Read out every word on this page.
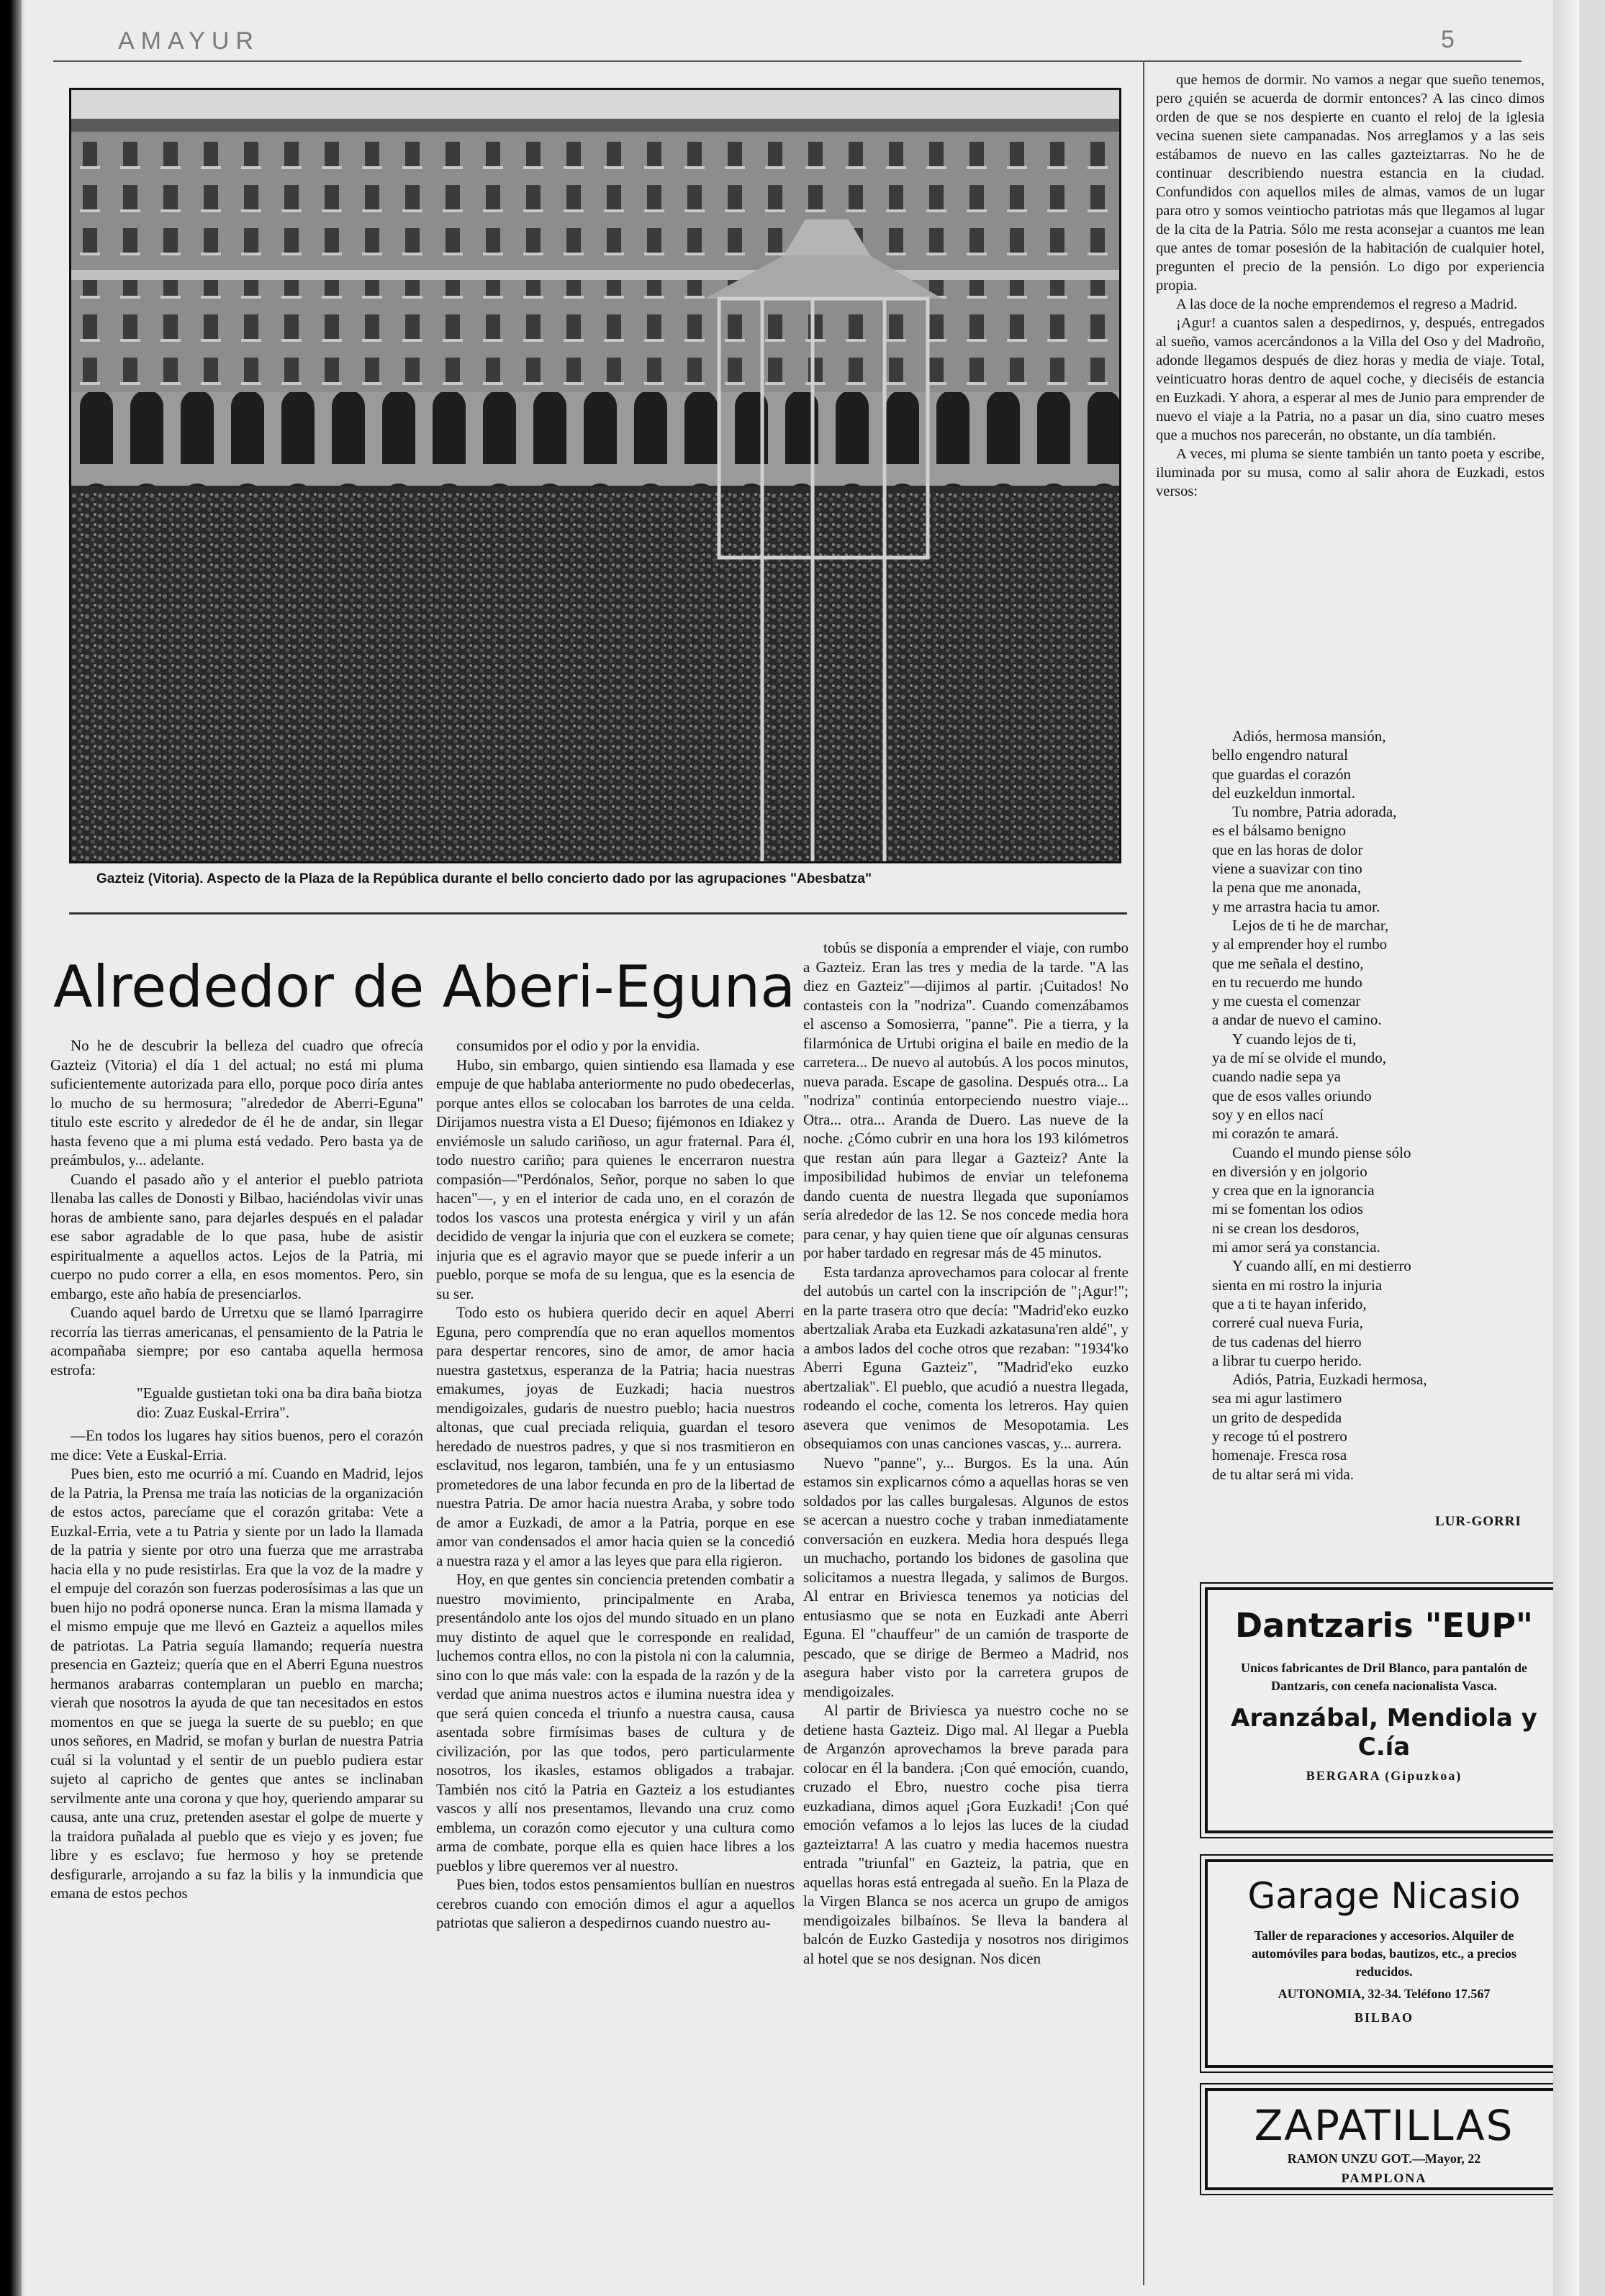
AMAYUR	5
Gazteiz (Vitoria). Aspecto de la Plaza de la República durante el bello concierto dado por las agrupaciones "Abesbatza"
Alrededor de Aberi-Eguna

No he de descubrir la belleza del cuadro que ofrecía Gazteiz (Vitoria) el día 1 del actual; no está mi pluma suficientemente autorizada para ello, porque poco diría antes lo mucho de su hermosura; "alrededor de Aberri-Eguna" titulo este escrito y alrededor de él he de andar, sin llegar hasta feveno que a mi pluma está vedado. Pero basta ya de preámbulos, y... adelante.

Cuando el pasado año y el anterior el pueblo patriota llenaba las calles de Donosti y Bilbao, haciéndolas vivir unas horas de ambiente sano, para dejarles después en el paladar ese sabor agradable de lo que pasa, hube de asistir espiritualmente a aquellos actos. Lejos de la Patria, mi cuerpo no pudo correr a ella, en esos momentos. Pero, sin embargo, este año había de presenciarlos.

Cuando aquel bardo de Urretxu que se llamó Iparragirre recorría las tierras americanas, el pensamiento de la Patria le acompañaba siempre; por eso cantaba aquella hermosa estrofa:

"Egualde gustietan toki ona ba dira baña biotza dio: Zuaz Euskal-Errira".

—En todos los lugares hay sitios buenos, pero el corazón me dice: Vete a Euskal-Erria.

Pues bien, esto me ocurrió a mí. Cuando en Madrid, lejos de la Patria, la Prensa me traía las noticias de la organización de estos actos, parecíame que el corazón gritaba: Vete a Euzkal-Erria, vete a tu Patria y siente por un lado la llamada de la patria y siente por otro una fuerza que me arrastraba hacia ella y no pude resistirlas. Era que la voz de la madre y el empuje del corazón son fuerzas poderosísimas a las que un buen hijo no podrá oponerse nunca. Eran la misma llamada y el mismo empuje que me llevó en Gazteiz a aquellos miles de patriotas. La Patria seguía llamando; requería nuestra presencia en Gazteiz; quería que en el Aberri Eguna nuestros hermanos arabarras contemplaran un pueblo en marcha; vierah que nosotros la ayuda de que tan necesitados en estos momentos en que se juega la suerte de su pueblo; en que unos señores, en Madrid, se mofan y burlan de nuestra Patria cuál si la voluntad y el sentir de un pueblo pudiera estar sujeto al capricho de gentes que antes se inclinaban servilmente ante una corona y que hoy, queriendo amparar su causa, ante una cruz, pretenden asestar el golpe de muerte y la traidora puñalada al pueblo que es viejo y es joven; fue libre y es esclavo; fue hermoso y hoy se pretende desfigurarle, arrojando a su faz la bilis y la inmundicia que emana de estos pechos

consumidos por el odio y por la envidia.

Hubo, sin embargo, quien sintiendo esa llamada y ese empuje de que hablaba anteriormente no pudo obedecerlas, porque antes ellos se colocaban los barrotes de una celda. Dirijamos nuestra vista a El Dueso; fijémonos en Idiakez y enviémosle un saludo cariñoso, un agur fraternal. Para él, todo nuestro cariño; para quienes le encerraron nuestra compasión—"Perdónalos, Señor, porque no saben lo que hacen"—, y en el interior de cada uno, en el corazón de todos los vascos una protesta enérgica y viril y un afán decidido de vengar la injuria que con el euzkera se comete; injuria que es el agravio mayor que se puede inferir a un pueblo, porque se mofa de su lengua, que es la esencia de su ser.

Todo esto os hubiera querido decir en aquel Aberri Eguna, pero comprendía que no eran aquellos momentos para despertar rencores, sino de amor, de amor hacia nuestra gastetxus, esperanza de la Patria; hacia nuestras emakumes, joyas de Euzkadi; hacia nuestros mendigoizales, gudaris de nuestro pueblo; hacia nuestros altonas, que cual preciada reliquia, guardan el tesoro heredado de nuestros padres, y que si nos trasmitieron en esclavitud, nos legaron, también, una fe y un entusiasmo prometedores de una labor fecunda en pro de la libertad de nuestra Patria. De amor hacia nuestra Araba, y sobre todo de amor a Euzkadi, de amor a la Patria, porque en ese amor van condensados el amor hacia quien se la concedió a nuestra raza y el amor a las leyes que para ella rigieron.

Hoy, en que gentes sin conciencia pretenden combatir a nuestro movimiento, principalmente en Araba, presentándolo ante los ojos del mundo situado en un plano muy distinto de aquel que le corresponde en realidad, luchemos contra ellos, no con la pistola ni con la calumnia, sino con lo que más vale: con la espada de la razón y de la verdad que anima nuestros actos e ilumina nuestra idea y que será quien conceda el triunfo a nuestra causa, causa asentada sobre firmísimas bases de cultura y de civilización, por las que todos, pero particularmente nosotros, los ikasles, estamos obligados a trabajar. También nos citó la Patria en Gazteiz a los estudiantes vascos y allí nos presentamos, llevando una cruz como emblema, un corazón como ejecutor y una cultura como arma de combate, porque ella es quien hace libres a los pueblos y libre queremos ver al nuestro.

Pues bien, todos estos pensamientos bullían en nuestros cerebros cuando con emoción dimos el agur a aquellos patriotas que salieron a despedirnos cuando nuestro au-

tobús se disponía a emprender el viaje, con rumbo a Gazteiz. Eran las tres y media de la tarde. "A las diez en Gazteiz"—dijimos al partir. ¡Cuitados! No contasteis con la "nodriza". Cuando comenzábamos el ascenso a Somosierra, "panne". Pie a tierra, y la filarmónica de Urtubi origina el baile en medio de la carretera... De nuevo al autobús. A los pocos minutos, nueva parada. Escape de gasolina. Después otra... La "nodriza" continúa entorpeciendo nuestro viaje... Otra... otra... Aranda de Duero. Las nueve de la noche. ¿Cómo cubrir en una hora los 193 kilómetros que restan aún para llegar a Gazteiz? Ante la imposibilidad hubimos de enviar un telefonema dando cuenta de nuestra llegada que suponíamos sería alrededor de las 12. Se nos concede media hora para cenar, y hay quien tiene que oír algunas censuras por haber tardado en regresar más de 45 minutos.

Esta tardanza aprovechamos para colocar al frente del autobús un cartel con la inscripción de "¡Agur!"; en la parte trasera otro que decía: "Madrid'eko euzko abertzaliak Araba eta Euzkadi azkatasuna'ren aldé", y a ambos lados del coche otros que rezaban: "1934'ko Aberri Eguna Gazteiz", "Madrid'eko euzko abertzaliak". El pueblo, que acudió a nuestra llegada, rodeando el coche, comenta los letreros. Hay quien asevera que venimos de Mesopotamia. Les obsequiamos con unas canciones vascas, y... aurrera.

Nuevo "panne", y... Burgos. Es la una. Aún estamos sin explicarnos cómo a aquellas horas se ven soldados por las calles burgalesas. Algunos de estos se acercan a nuestro coche y traban inmediatamente conversación en euzkera. Media hora después llega un muchacho, portando los bidones de gasolina que solicitamos a nuestra llegada, y salimos de Burgos. Al entrar en Briviesca tenemos ya noticias del entusiasmo que se nota en Euzkadi ante Aberri Eguna. El "chauffeur" de un camión de trasporte de pescado, que se dirige de Bermeo a Madrid, nos asegura haber visto por la carretera grupos de mendigoizales.

Al partir de Briviesca ya nuestro coche no se detiene hasta Gazteiz. Digo mal. Al llegar a Puebla de Arganzón aprovechamos la breve parada para colocar en él la bandera. ¡Con qué emoción, cuando, cruzado el Ebro, nuestro coche pisa tierra euzkadiana, dimos aquel ¡Gora Euzkadi! ¡Con qué emoción vefamos a lo lejos las luces de la ciudad gazteiztarra! A las cuatro y media hacemos nuestra entrada "triunfal" en Gazteiz, la patria, que en aquellas horas está entregada al sueño. En la Plaza de la Virgen Blanca se nos acerca un grupo de amigos mendigoizales bilbaínos. Se lleva la bandera al balcón de Euzko Gastedija y nosotros nos dirigimos al hotel que se nos designan. Nos dicen

que hemos de dormir. No vamos a negar que sueño tenemos, pero ¿quién se acuerda de dormir entonces? A las cinco dimos orden de que se nos despierte en cuanto el reloj de la iglesia vecina suenen siete campanadas. Nos arreglamos y a las seis estábamos de nuevo en las calles gazteiztarras. No he de continuar describiendo nuestra estancia en la ciudad. Confundidos con aquellos miles de almas, vamos de un lugar para otro y somos veintiocho patriotas más que llegamos al lugar de la cita de la Patria. Sólo me resta aconsejar a cuantos me lean que antes de tomar posesión de la habitación de cualquier hotel, pregunten el precio de la pensión. Lo digo por experiencia propia.

A las doce de la noche emprendemos el regreso a Madrid.

¡Agur! a cuantos salen a despedirnos, y, después, entregados al sueño, vamos acercándonos a la Villa del Oso y del Madroño, adonde llegamos después de diez horas y media de viaje. Total, veinticuatro horas dentro de aquel coche, y dieciséis de estancia en Euzkadi. Y ahora, a esperar al mes de Junio para emprender de nuevo el viaje a la Patria, no a pasar un día, sino cuatro meses que a muchos nos parecerán, no obstante, un día también.

A veces, mi pluma se siente también un tanto poeta y escribe, iluminada por su musa, como al salir ahora de Euzkadi, estos versos:

Adiós, hermosa mansión,
bello engendro natural
que guardas el corazón
del euzkeldun inmortal.
Tu nombre, Patria adorada,
es el bálsamo benigno
que en las horas de dolor
viene a suavizar con tino
la pena que me anonada,
y me arrastra hacia tu amor.
Lejos de ti he de marchar,
y al emprender hoy el rumbo
que me señala el destino,
en tu recuerdo me hundo
y me cuesta el comenzar
a andar de nuevo el camino.
Y cuando lejos de ti,
ya de mí se olvide el mundo,
cuando nadie sepa ya
que de esos valles oriundo
soy y en ellos nací
mi corazón te amará.
Cuando el mundo piense sólo
en diversión y en jolgorio
y crea que en la ignorancia
mi se fomentan los odios
ni se crean los desdoros,
mi amor será ya constancia.
Y cuando allí, en mi destierro
sienta en mi rostro la injuria
que a ti te hayan inferido,
correré cual nueva Furia,
de tus cadenas del hierro
a librar tu cuerpo herido.
Adiós, Patria, Euzkadi hermosa,
sea mi agur lastimero
un grito de despedida
y recoge tú el postrero
homenaje. Fresca rosa
de tu altar será mi vida.
LUR-GORRI
Dantzaris "EUP"
Unicos fabricantes de Dril Blanco, para pantalón de Dantzaris, con cenefa nacionalista Vasca.
Aranzábal, Mendiola y C.ía
BERGARA (Gipuzkoa)
Garage Nicasio
Taller de reparaciones y accesorios. Alquiler de automóviles para bodas, bautizos, etc., a precios reducidos.
AUTONOMIA, 32-34. Teléfono 17.567
BILBAO
ZAPATILLAS
RAMON UNZU GOT.—Mayor, 22
PAMPLONA
